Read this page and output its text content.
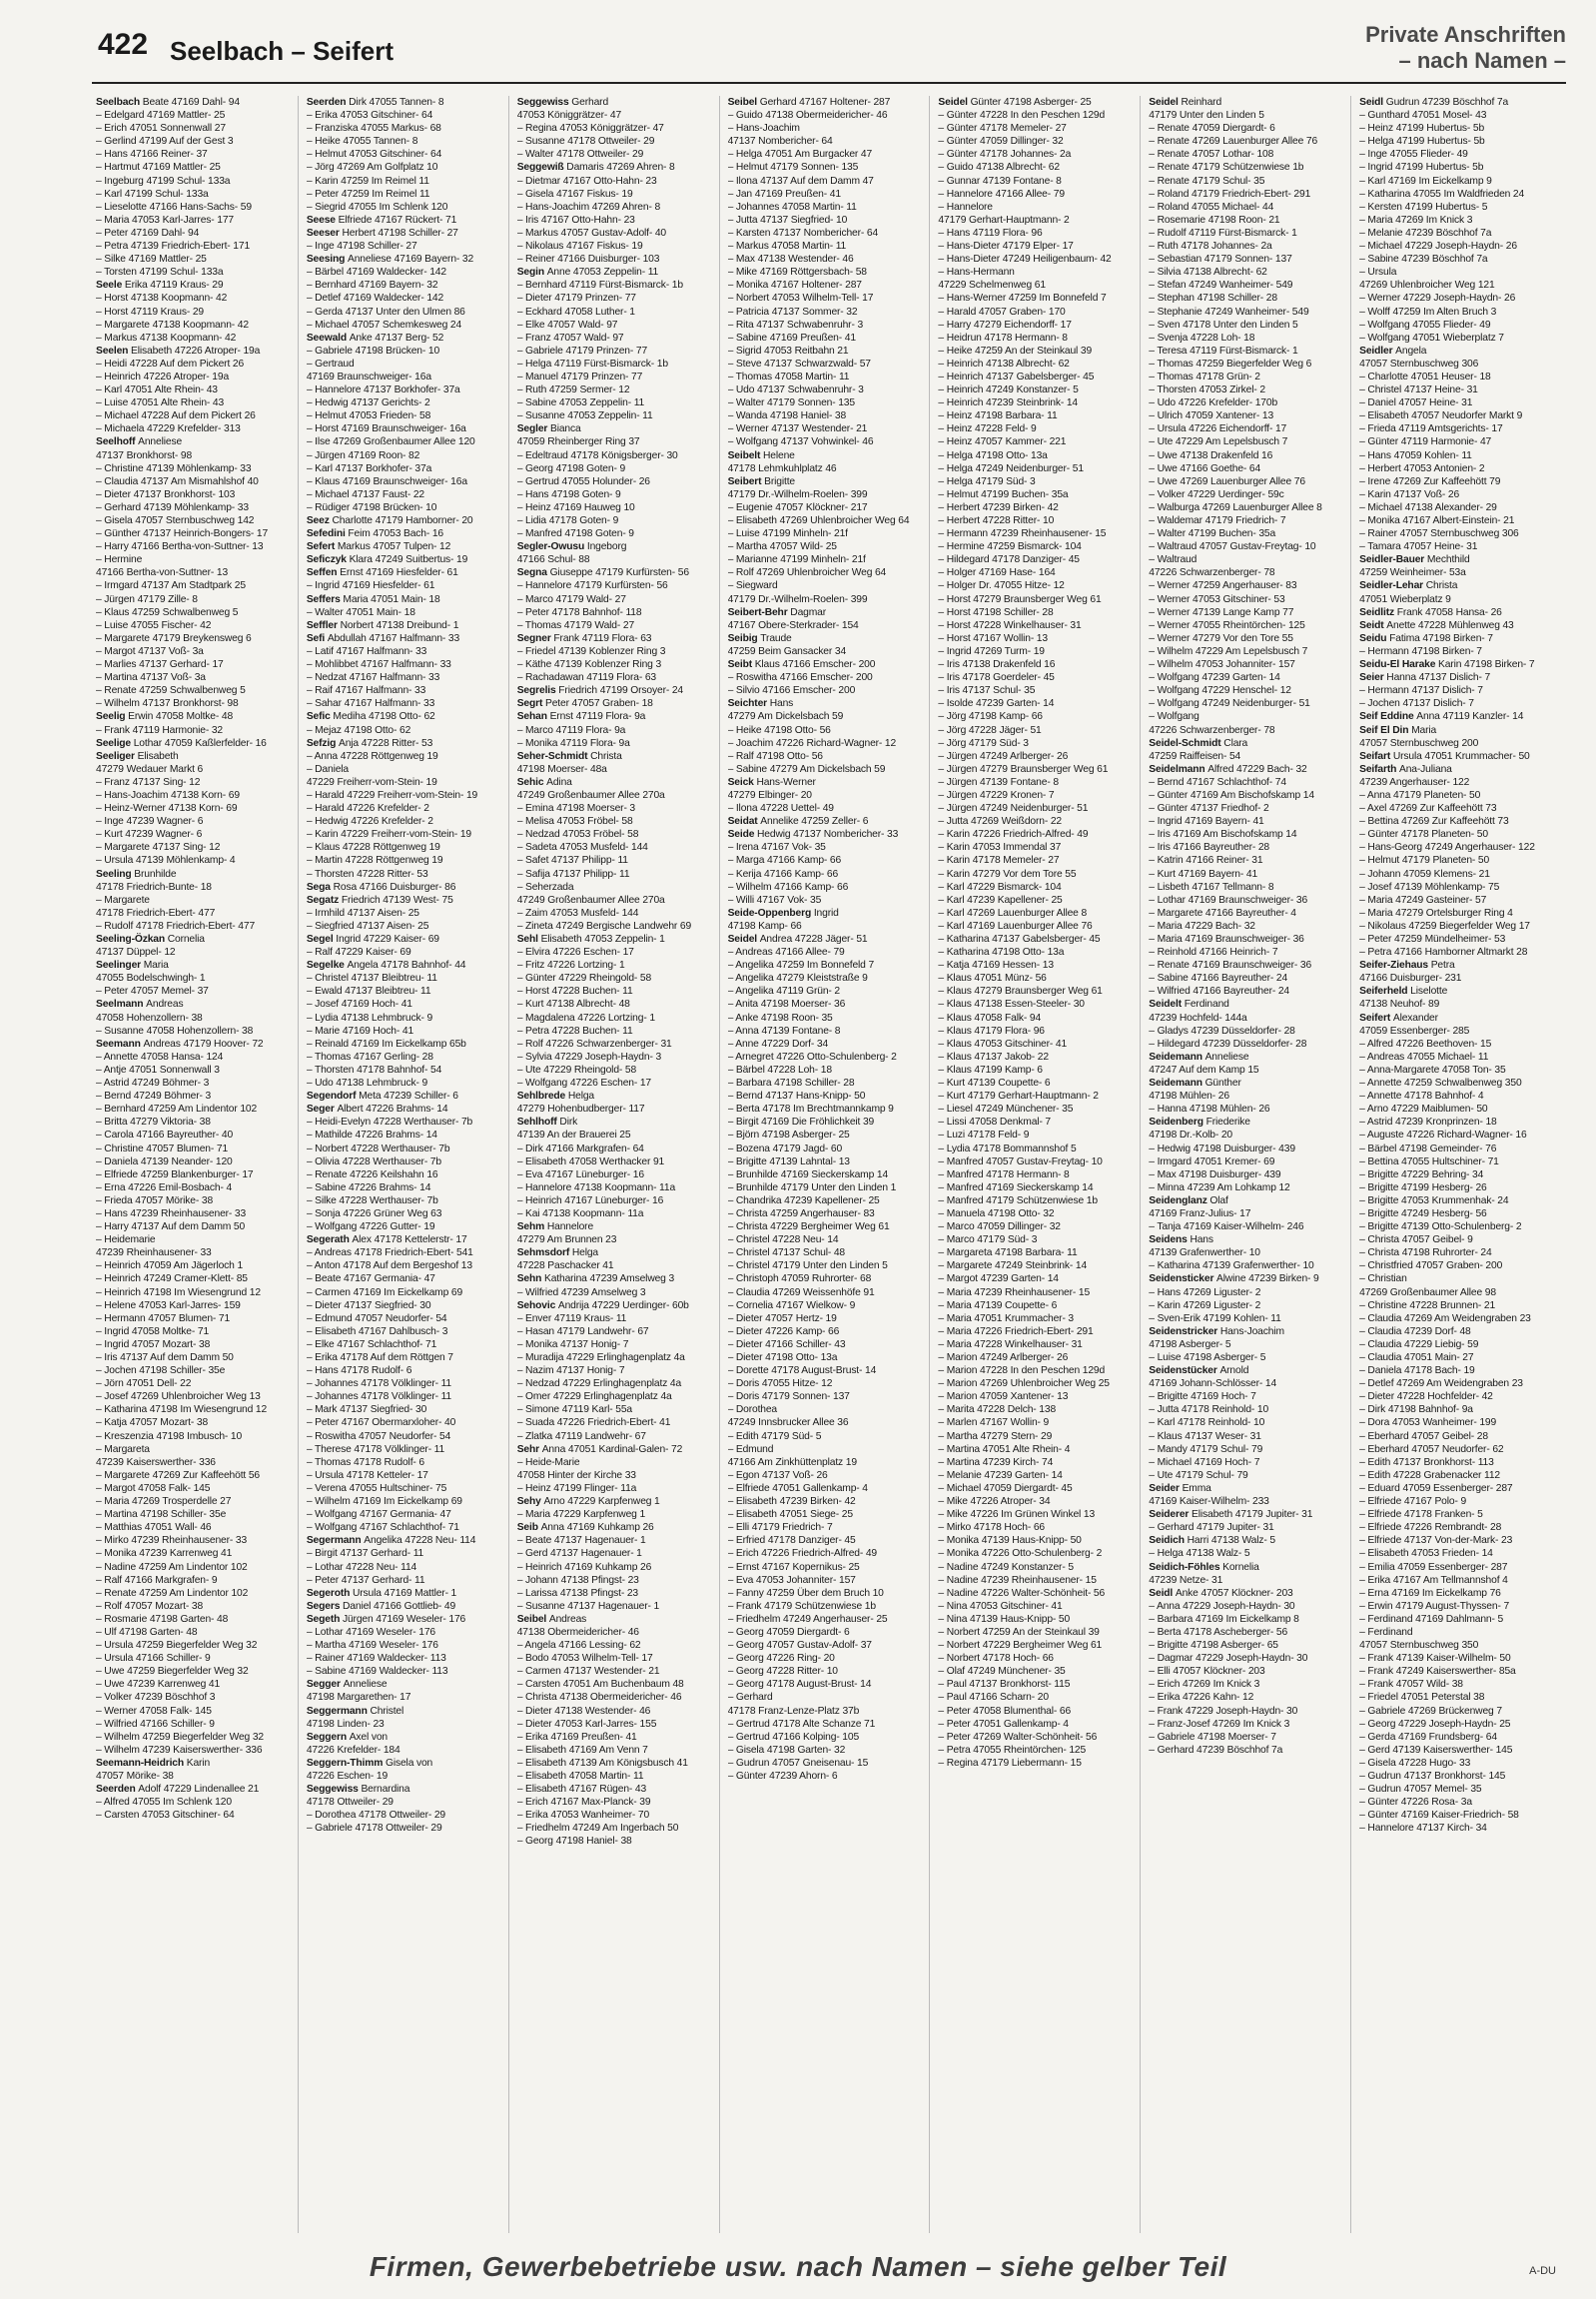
422 Seelbach – Seifert
Private Anschriften
– nach Namen –
Seelbach Beate 47169 Dahl- 94
– Edelgard 47169 Mattler- 25
– Erich 47051 Sonnenwall 27
– Gerlind 47199 Auf der Gest 3
– Hans 47166 Reiner- 37
– Hartmut 47169 Mattler- 25
– Ingeburg 47199 Schul- 133a
– Karl 47199 Schul- 133a
– Lieselotte 47166 Hans-Sachs- 59
– Maria 47053 Karl-Jarres- 177
– Peter 47169 Dahl- 94
– Petra 47139 Friedrich-Ebert- 171
– Silke 47169 Mattler- 25
– Torsten 47199 Schul- 133a
Seele Erika 47119 Kraus- 29
– Horst 47138 Koopmann- 42
– Horst 47119 Kraus- 29
– Margarete 47138 Koopmann- 42
– Markus 47138 Koopmann- 42
Seelen Elisabeth 47226 Atroper- 19a
– Heidi 47228 Auf dem Pickert 26
– Heinrich 47226 Atroper- 19a
– Karl 47051 Alte Rhein- 43
– Luise 47051 Alte Rhein- 43
– Michael 47228 Auf dem Pickert 26
– Michaela 47229 Krefelder- 313
Seelhoff Anneliese
47137 Bronkhorst- 98
– Christine 47139 Möhlenkamp- 33
– Claudia 47137 Am Mismahlshof 40
– Dieter 47137 Bronkhorst- 103
– Gerhard 47139 Möhlenkamp- 33
– Gisela 47057 Sternbuschweg 142
– Günther 47137 Heinrich-Bongers- 17
– Harry 47166 Bertha-von-Suttner- 13
– Hermine
47166 Bertha-von-Suttner- 13
– Irmgard 47137 Am Stadtpark 25
– Jürgen 47179 Zille- 8
– Klaus 47259 Schwalbenweg 5
– Luise 47055 Fischer- 42
– Margarete 47179 Breykensweg 6
– Margot 47137 Voß- 3a
– Marlies 47137 Gerhard- 17
– Martina 47137 Voß- 3a
– Renate 47259 Schwalbenweg 5
– Wilhelm 47137 Bronkhorst- 98
Seelig Erwin 47058 Moltke- 48
– Frank 47119 Harmonie- 32
Seelige Lothar 47059 Kaßlerfelder- 16
Seeliger Elisabeth
47279 Wedauer Markt 6
– Franz 47137 Sing- 12
– Hans-Joachim 47138 Korn- 69
– Heinz-Werner 47138 Korn- 69
– Inge 47239 Wagner- 6
– Kurt 47239 Wagner- 6
– Margarete 47137 Sing- 12
– Ursula 47139 Möhlenkamp- 4
Seeling Brunhilde
47178 Friedrich-Bunte- 18
– Margarete
47178 Friedrich-Ebert- 477
– Rudolf 47178 Friedrich-Ebert- 477
Seeling-Özkan Cornelia
47137 Düppel- 12
Seelinger Maria
47055 Bodelschwingh- 1
– Peter 47057 Memel- 37
Seelmann Andreas
47058 Hohenzollern- 38
– Susanne 47058 Hohenzollern- 38
Seemann Andreas 47179 Hoover- 72
– Annette 47058 Hansa- 124
– Antje 47051 Sonnenwall 3
– Astrid 47249 Böhmer- 3
– Bernd 47249 Böhmer- 3
– Bernhard 47259 Am Lindentor 102
– Britta 47279 Viktoria- 38
– Carola 47166 Bayreuther- 40
– Christine 47057 Blumen- 71
– Daniela 47139 Neander- 120
– Elfriede 47259 Blankenburger- 17
– Erna 47226 Emil-Bosbach- 4
– Frieda 47057 Mörike- 38
– Hans 47239 Rheinhausener- 33
– Harry 47137 Auf dem Damm 50
– Heidemarie
47239 Rheinhausener- 33
– Heinrich 47059 Am Jägerloch 1
– Heinrich 47249 Cramer-Klett- 85
– Heinrich 47198 Im Wiesengrund 12
– Helene 47053 Karl-Jarres- 159
– Hermann 47057 Blumen- 71
– Ingrid 47058 Moltke- 71
– Ingrid 47057 Mozart- 38
– Iris 47137 Auf dem Damm 50
– Jochen 47198 Schiller- 35e
– Jörn 47051 Dell- 22
– Josef 47269 Uhlenbroicher Weg 13
– Katharina 47198 Im Wiesengrund 12
– Katja 47057 Mozart- 38
– Kreszenzia 47198 Imbusch- 10
– Margareta
47239 Kaiserswerther- 336
– Margarete 47269 Zur Kaffeehött 56
– Margot 47058 Falk- 145
– Maria 47269 Trosperdelle 27
– Martina 47198 Schiller- 35e
– Matthias 47051 Wall- 46
– Mirko 47239 Rheinhausener- 33
– Monika 47239 Karrenweg 41
– Nadine 47259 Am Lindentor 102
– Ralf 47166 Markgrafen- 9
– Renate 47259 Am Lindentor 102
– Rolf 47057 Mozart- 38
– Rosmarie 47198 Garten- 48
– Ulf 47198 Garten- 48
– Ursula 47259 Biegerfelder Weg 32
– Ursula 47166 Schiller- 9
– Uwe 47259 Biegerfelder Weg 32
– Uwe 47239 Karrenweg 41
– Volker 47239 Böschhof 3
– Werner 47058 Falk- 145
– Wilfried 47166 Schiller- 9
– Wilhelm 47259 Biegerfelder Weg 32
– Wilhelm 47239 Kaiserswerther- 336
Seemann-Heidrich Karin
47057 Mörike- 38
Seerden Adolf 47229 Lindenallee 21
– Alfred 47055 Im Schlenk 120
– Carsten 47053 Gitschiner- 64
Seerden Dirk 47055 Tannen- 8
– Erika 47053 Gitschiner- 64
– Franziska 47055 Markus- 68
– Heike 47055 Tannen- 8
– Helmut 47053 Gitschiner- 64
– Jörg 47269 Am Golfplatz 10
– Karin 47259 Im Reimel 11
– Peter 47259 Im Reimel 11
– Siegrid 47055 Im Schlenk 120
Seese Elfriede 47167 Rückert- 71
Seeser Herbert 47198 Schiller- 27
– Inge 47198 Schiller- 27
Seesing Anneliese 47169 Bayern- 32
– Bärbel 47169 Waldecker- 142
– Bernhard 47169 Bayern- 32
– Detlef 47169 Waldecker- 142
– Gerda 47137 Unter den Ulmen 86
– Michael 47057 Schemkesweg 24
Seewald Anke 47137 Berg- 52
– Gabriele 47198 Brücken- 10
– Gertraud
47169 Braunschweiger- 16a
– Hannelore 47137 Borkhofer- 37a
– Hedwig 47137 Gerichts- 2
– Helmut 47053 Frieden- 58
– Horst 47169 Braunschweiger- 16a
– Ilse 47269 Großenbaumer Allee 120
– Jürgen 47169 Roon- 82
– Karl 47137 Borkhofer- 37a
– Klaus 47169 Braunschweiger- 16a
– Michael 47137 Faust- 22
– Rüdiger 47198 Brücken- 10
Seez Charlotte 47179 Hamborner- 20
Sefedini Feim 47053 Bach- 16
Sefert Markus 47057 Tulpen- 12
Seficzyk Klara 47249 Suitbertus- 19
Seffen Ernst 47169 Hiesfelder- 61
– Ingrid 47169 Hiesfelder- 61
Seffers Maria 47051 Main- 18
– Walter 47051 Main- 18
Seffler Norbert 47138 Dreibund- 1
Sefi Abdullah 47167 Halfmann- 33
– Latif 47167 Halfmann- 33
– Mohlibbet 47167 Halfmann- 33
– Nedzat 47167 Halfmann- 33
– Raif 47167 Halfmann- 33
– Sahar 47167 Halfmann- 33
Sefic Mediha 47198 Otto- 62
– Mejaz 47198 Otto- 62
Sefzig Anja 47228 Ritter- 53
– Anna 47228 Röttgenweg 19
– Daniela
47229 Freiherr-vom-Stein- 19
– Harald 47229 Freiherr-vom-Stein- 19
– Harald 47226 Krefelder- 2
– Hedwig 47226 Krefelder- 2
– Karin 47229 Freiherr-vom-Stein- 19
– Klaus 47228 Röttgenweg 19
– Martin 47228 Röttgenweg 19
– Thorsten 47228 Ritter- 53
Sega Rosa 47166 Duisburger- 86
Segatz Friedrich 47139 West- 75
– Irmhild 47137 Aisen- 25
– Siegfried 47137 Aisen- 25
Segel Ingrid 47229 Kaiser- 69
– Ralf 47229 Kaiser- 69
Segelke Angela 47178 Bahnhof- 44
– Christel 47137 Bleibtreu- 11
– Ewald 47137 Bleibtreu- 11
– Josef 47169 Hoch- 41
– Lydia 47138 Lehmbruck- 9
– Marie 47169 Hoch- 41
– Reinald 47169 Im Eickelkamp 65b
– Thomas 47167 Gerling- 28
– Thorsten 47178 Bahnhof- 54
– Udo 47138 Lehmbruck- 9
Segendorf Meta 47239 Schiller- 6
Seger Albert 47226 Brahms- 14
– Heidi-Evelyn 47228 Werthauser- 7b
– Mathilde 47226 Brahms- 14
– Norbert 47228 Werthauser- 7b
– Olivia 47228 Werthauser- 7b
– Renate 47226 Keilshahn 16
– Sabine 47226 Brahms- 14
– Silke 47228 Werthauser- 7b
– Sonja 47226 Grüner Weg 63
– Wolfgang 47226 Gutter- 19
Segerath Alex 47178 Kettelerstr- 17
– Andreas 47178 Friedrich-Ebert- 541
– Anton 47178 Auf dem Bergeshof 13
– Beate 47167 Germania- 47
– Carmen 47169 Im Eickelkamp 69
– Dieter 47137 Siegfried- 30
– Edmund 47057 Neudorfer- 54
– Elisabeth 47167 Dahlbusch- 3
– Elke 47167 Schlachthof- 71
– Erika 47178 Auf dem Röttgen 7
– Hans 47178 Rudolf- 6
– Johannes 47178 Völklinger- 11
– Johannes 47178 Völklinger- 11
– Mark 47137 Siegfried- 30
– Peter 47167 Obermarxloher- 40
– Roswitha 47057 Neudorfer- 54
– Therese 47178 Völklinger- 11
– Thomas 47178 Rudolf- 6
– Ursula 47178 Ketteler- 17
– Verena 47055 Hultschiner- 75
– Wilhelm 47169 Im Eickelkamp 69
– Wolfgang 47167 Germania- 47
– Wolfgang 47167 Schlachthof- 71
Segermann Angelika 47228 Neu- 114
– Birgit 47137 Gerhard- 11
– Lothar 47228 Neu- 114
– Peter 47137 Gerhard- 11
Segeroth Ursula 47169 Mattler- 1
Segers Daniel 47166 Gottlieb- 49
Segeth Jürgen 47169 Weseler- 176
– Lothar 47169 Weseler- 176
– Martha 47169 Weseler- 176
– Rainer 47169 Waldecker- 113
– Sabine 47169 Waldecker- 113
Segger Anneliese
47198 Margarethen- 17
Seggermann Christel
47198 Linden- 23
Seggern Axel von
47226 Krefelder- 184
Seggern-Thimm Gisela von
47226 Eschen- 19
Seggewiss Bernardina
47178 Ottweiler- 29
– Dorothea 47178 Ottweiler- 29
– Gabriele 47178 Ottweiler- 29
Seggewiss Gerhard
47053 Königgrätzer- 47
– Regina 47053 Königgrätzer- 47
– Susanne 47178 Ottweiler- 29
– Walter 47178 Ottweiler- 29
Seggewiß Damaris 47269 Ahren- 8
– Dietmar 47167 Otto-Hahn- 23
– Gisela 47167 Fiskus- 19
– Hans-Joachim 47269 Ahren- 8
– Iris 47167 Otto-Hahn- 23
– Markus 47057 Gustav-Adolf- 40
– Nikolaus 47167 Fiskus- 19
– Reiner 47166 Duisburger- 103
Segin Anne 47053 Zeppelin- 11
– Bernhard 47119 Fürst-Bismarck- 1b
– Dieter 47179 Prinzen- 77
– Eckhard 47058 Luther- 1
– Elke 47057 Wald- 97
– Franz 47057 Wald- 97
– Gabriele 47179 Prinzen- 77
– Helga 47119 Fürst-Bismarck- 1b
– Manuel 47179 Prinzen- 77
– Ruth 47259 Sermer- 12
– Sabine 47053 Zeppelin- 11
– Susanne 47053 Zeppelin- 11
Segler Bianca
47059 Rheinberger Ring 37
– Edeltraud 47178 Königsberger- 30
– Georg 47198 Goten- 9
– Gertrud 47055 Holunder- 26
– Hans 47198 Goten- 9
– Heinz 47169 Hauweg 10
– Lidia 47178 Goten- 9
– Manfred 47198 Goten- 9
Segler-Owusu Ingeborg
47166 Schul- 88
Segna Giuseppe 47179 Kurfürsten- 56
– Hannelore 47179 Kurfürsten- 56
– Marco 47179 Wald- 27
– Peter 47178 Bahnhof- 118
– Thomas 47179 Wald- 27
Segner Frank 47119 Flora- 63
– Friedel 47139 Koblenzer Ring 3
– Käthe 47139 Koblenzer Ring 3
– Rachadawan 47119 Flora- 63
Segrelis Friedrich 47199 Orsoyer- 24
Segrt Peter 47057 Graben- 18
Sehan Ernst 47119 Flora- 9a
– Marco 47119 Flora- 9a
– Monika 47119 Flora- 9a
Seher-Schmidt Christa
47198 Moerser- 48a
Sehic Adina
47249 Großenbaumer Allee 270a
– Emina 47198 Moerser- 3
– Melisa 47053 Fröbel- 58
– Nedzad 47053 Fröbel- 58
– Sadeta 47053 Musfeld- 144
– Safet 47137 Philipp- 11
– Safija 47137 Philipp- 11
– Seherzada
47249 Großenbaumer Allee 270a
– Zaim 47053 Musfeld- 144
– Zineta 47249 Bergische Landwehr 69
Sehl Elisabeth 47053 Zeppelin- 1
– Elvira 47226 Eschen- 17
– Fritz 47226 Lortzing- 1
– Günter 47229 Rheingold- 58
– Horst 47228 Buchen- 11
– Kurt 47138 Albrecht- 48
– Magdalena 47226 Lortzing- 1
– Petra 47228 Buchen- 11
– Rolf 47226 Schwarzenberger- 31
– Sylvia 47229 Joseph-Haydn- 3
– Ute 47229 Rheingold- 58
– Wolfgang 47226 Eschen- 17
Sehlbrede Helga
47279 Hohenbudberger- 117
Sehlhoff Dirk
47139 An der Brauerei 25
– Dirk 47166 Markgrafen- 64
– Elisabeth 47058 Werthacker 91
– Eva 47167 Lüneburger- 16
– Hannelore 47138 Koopmann- 11a
– Heinrich 47167 Lüneburger- 16
– Kai 47138 Koopmann- 11a
Sehm Hannelore
47279 Am Brunnen 23
Sehmsdorf Helga
47228 Paschacker 41
Sehn Katharina 47239 Amselweg 3
– Wilfried 47239 Amselweg 3
Sehovic Andrija 47229 Uerdinger- 60b
– Enver 47119 Kraus- 11
– Hasan 47179 Landwehr- 67
– Monika 47137 Honig- 7
– Muradija 47229 Erlinghagenplatz 4a
– Nazim 47137 Honig- 7
– Nedzad 47229 Erlinghagenplatz 4a
– Omer 47229 Erlinghagenplatz 4a
– Simone 47119 Karl- 55a
– Suada 47226 Friedrich-Ebert- 41
– Zlatka 47119 Landwehr- 67
Sehr Anna 47051 Kardinal-Galen- 72
– Heide-Marie
47058 Hinter der Kirche 33
– Heinz 47199 Flinger- 11a
Sehy Arno 47229 Karpfenweg 1
– Maria 47229 Karpfenweg 1
Seib Anna 47169 Kuhkamp 26
– Beate 47137 Hagenauer- 1
– Gerd 47137 Hagenauer- 1
– Heinrich 47169 Kuhkamp 26
– Johann 47138 Pfingst- 23
– Larissa 47138 Pfingst- 23
– Susanne 47137 Hagenauer- 1
Seibel Andreas
47138 Obermeidericher- 46
– Angela 47166 Lessing- 62
– Bodo 47053 Wilhelm-Tell- 17
– Carmen 47137 Westender- 21
– Carsten 47051 Am Buchenbaum 48
– Christa 47138 Obermeidericher- 46
– Dieter 47138 Westender- 46
– Dieter 47053 Karl-Jarres- 155
– Erika 47169 Preußen- 41
– Elisabeth 47169 Am Venn 7
– Elisabeth 47139 Am Königsbusch 41
– Elisabeth 47058 Martin- 11
– Elisabeth 47167 Rügen- 43
– Erich 47167 Max-Planck- 39
– Erika 47053 Wanheimer- 70
– Friedhelm 47249 Am Ingerbach 50
– Georg 47198 Haniel- 38
Seibel Gerhard 47167 Holtener- 287
– Guido 47138 Obermeidericher- 46
– Hans-Joachim
47137 Nombericher- 64
– Helga 47051 Am Burgacker 47
– Helmut 47179 Sonnen- 135
– Ilona 47137 Auf dem Damm 47
– Jan 47169 Preußen- 41
– Johannes 47058 Martin- 11
– Jutta 47137 Siegfried- 10
– Karsten 47137 Nombericher- 64
– Markus 47058 Martin- 11
– Max 47138 Westender- 46
– Mike 47169 Röttgersbach- 58
– Monika 47167 Holtener- 287
– Norbert 47053 Wilhelm-Tell- 17
– Patricia 47137 Sommer- 32
– Rita 47137 Schwabenruhr- 3
– Sabine 47169 Preußen- 41
– Sigrid 47053 Reitbahn 21
– Steve 47137 Schwarzwald- 57
– Thomas 47058 Martin- 11
– Udo 47137 Schwabenruhr- 3
– Walter 47179 Sonnen- 135
– Wanda 47198 Haniel- 38
– Werner 47137 Westender- 21
– Wolfgang 47137 Vohwinkel- 46
Seibelt Helene
47178 Lehmkuhlplatz 46
Seibert Brigitte
47179 Dr.-Wilhelm-Roelen- 399
– Eugenie 47057 Klöckner- 217
– Elisabeth 47269 Uhlenbroicher Weg 64
– Luise 47199 Minheln- 21f
– Martha 47057 Wild- 25
– Marianne 47199 Minheln- 21f
– Rolf 47269 Uhlenbroicher Weg 64
– Siegward
47179 Dr.-Wilhelm-Roelen- 399
Seibert-Behr Dagmar
47167 Obere-Sterkrader- 154
Seibig Traude
47259 Beim Gansacker 34
Seibt Klaus 47166 Emscher- 200
– Roswitha 47166 Emscher- 200
– Silvio 47166 Emscher- 200
Seichter Hans
47279 Am Dickelsbach 59
– Heike 47198 Otto- 56
– Joachim 47226 Richard-Wagner- 12
– Ralf 47198 Otto- 56
– Sabine 47279 Am Dickelsbach 59
Seick Hans-Werner
47279 Elbinger- 20
– Ilona 47228 Uettel- 49
Seidat Annelike 47259 Zeller- 6
Seide Hedwig 47137 Nombericher- 33
– Irena 47167 Vok- 35
– Marga 47166 Kamp- 66
– Kerija 47166 Kamp- 66
– Wilhelm 47166 Kamp- 66
– Willi 47167 Vok- 35
Seide-Oppenberg Ingrid
47198 Kamp- 66
Seidel Andrea 47228 Jäger- 51
– Andreas 47166 Allee- 79
– Angelika 47259 Im Bonnefeld 7
– Angelika 47279 Kleiststraße 9
– Angelika 47119 Grün- 2
– Anita 47198 Moerser- 36
– Anke 47198 Roon- 35
– Anna 47139 Fontane- 8
– Anne 47229 Dorf- 34
– Arnegret 47226 Otto-Schulenberg- 2
– Bärbel 47228 Loh- 18
– Barbara 47198 Schiller- 28
– Bernd 47137 Hans-Knipp- 50
– Berta 47178 Im Brechtmannkamp 9
– Birgit 47169 Die Fröhlichkeit 39
– Björn 47198 Asberger- 25
– Bozena 47179 Jagd- 60
– Brigitte 47139 Lahntal- 13
– Brunhilde 47169 Sieckerskamp 14
– Brunhilde 47179 Unter den Linden 1
– Chandrika 47239 Kapellener- 25
– Christa 47259 Angerhauser- 83
– Christa 47229 Bergheimer Weg 61
– Christel 47228 Neu- 14
– Christel 47137 Schul- 48
– Christel 47179 Unter den Linden 5
– Christoph 47059 Ruhrorter- 68
– Claudia 47269 Weissenhöfe 91
– Cornelia 47167 Wielkow- 9
– Dieter 47057 Hertz- 19
– Dieter 47226 Kamp- 66
– Dieter 47166 Schiller- 43
– Dieter 47198 Otto- 13a
– Dorette 47178 August-Brust- 14
– Doris 47055 Hitze- 12
– Doris 47179 Sonnen- 137
– Dorothea
47249 Innsbrucker Allee 36
– Edith 47179 Süd- 5
– Edmund
47166 Am Zinkhüttenplatz 19
– Egon 47137 Voß- 26
– Elfriede 47051 Gallenkamp- 4
– Elisabeth 47239 Birken- 42
– Elisabeth 47051 Siege- 25
– Elli 47179 Friedrich- 7
– Erfried 47178 Danziger- 45
– Erich 47226 Friedrich-Alfred- 49
– Ernst 47167 Kopernikus- 25
– Eva 47053 Johanniter- 157
– Fanny 47259 Über dem Bruch 10
– Frank 47179 Schützenwiese 1b
– Friedhelm 47249 Angerhauser- 25
– Georg 47059 Diergardt- 6
– Georg 47057 Gustav-Adolf- 37
– Georg 47226 Ring- 20
– Georg 47228 Ritter- 10
– Georg 47178 August-Brust- 14
– Gerhard
47178 Franz-Lenze-Platz 37b
– Gertrud 47178 Alte Schanze 71
– Gertrud 47166 Kolping- 105
– Gisela 47198 Garten- 32
– Gudrun 47057 Gneisenau- 15
– Günter 47239 Ahorn- 6
Seidel Günter 47198 Asberger- 25
– Günter 47228 In den Peschen 129d
– Günter 47178 Memeler- 27
– Günter 47059 Dillinger- 32
– Günter 47178 Johannes- 2a
– Guido 47138 Albrecht- 62
– Gunnar 47139 Fontane- 8
– Hannelore 47166 Allee- 79
– Hannelore
47179 Gerhart-Hauptmann- 2
– Hans 47119 Flora- 96
– Hans-Dieter 47179 Elper- 17
– Hans-Dieter 47249 Heiligenbaum- 42
– Hans-Hermann
47229 Schelmenweg 61
– Hans-Werner 47259 Im Bonnefeld 7
– Harald 47057 Graben- 170
– Harry 47279 Eichendorff- 17
– Heidrun 47178 Hermann- 8
– Heike 47259 An der Steinkaul 39
– Heinrich 47138 Albrecht- 62
– Heinrich 47137 Gabelsberger- 45
– Heinrich 47249 Konstanzer- 5
– Heinrich 47239 Steinbrink- 14
– Heinz 47198 Barbara- 11
– Heinz 47228 Feld- 9
– Heinz 47057 Kammer- 221
– Helga 47198 Otto- 13a
– Helga 47249 Neidenburger- 51
– Helga 47179 Süd- 3
– Helmut 47199 Buchen- 35a
– Herbert 47239 Birken- 42
– Herbert 47228 Ritter- 10
– Hermann 47239 Rheinhausener- 15
– Hermine 47259 Bismarck- 104
– Hildegard 47178 Danziger- 45
– Holger 47169 Hase- 164
– Holger Dr. 47055 Hitze- 12
– Horst 47279 Braunsberger Weg 61
– Horst 47198 Schiller- 28
– Horst 47228 Winkelhauser- 31
– Horst 47167 Wollin- 13
– Ingrid 47269 Turm- 19
– Iris 47138 Drakenfeld 16
– Iris 47178 Goerdeler- 45
– Iris 47137 Schul- 35
– Isolde 47239 Garten- 14
– Jörg 47198 Kamp- 66
– Jörg 47228 Jäger- 51
– Jörg 47179 Süd- 3
– Jürgen 47249 Arlberger- 26
– Jürgen 47279 Braunsberger Weg 61
– Jürgen 47139 Fontane- 8
– Jürgen 47229 Kronen- 7
– Jürgen 47249 Neidenburger- 51
– Jutta 47269 Weißdorn- 22
– Karin 47226 Friedrich-Alfred- 49
– Karin 47053 Immendal 37
– Karin 47178 Memeler- 27
– Karin 47279 Vor dem Tore 55
– Karl 47229 Bismarck- 104
– Karl 47239 Kapellener- 25
– Karl 47269 Lauenburger Allee 8
– Karl 47169 Lauenburger Allee 76
– Katharina 47137 Gabelsberger- 45
– Katharina 47198 Otto- 13a
– Katja 47169 Hessen- 13
– Klaus 47051 Münz- 56
– Klaus 47279 Braunsberger Weg 61
– Klaus 47138 Essen-Steeler- 30
– Klaus 47058 Falk- 94
– Klaus 47179 Flora- 96
– Klaus 47053 Gitschiner- 41
– Klaus 47137 Jakob- 22
– Klaus 47199 Kamp- 6
– Kurt 47139 Coupette- 6
– Kurt 47179 Gerhart-Hauptmann- 2
– Liesel 47249 Münchener- 35
– Lissi 47058 Denkmal- 7
– Luzi 47178 Feld- 9
– Lydia 47178 Bommannshof 5
– Manfred 47057 Gustav-Freytag- 10
– Manfred 47178 Hermann- 8
– Manfred 47169 Sieckerskamp 14
– Manfred 47179 Schützenwiese 1b
– Manuela 47198 Otto- 32
– Marco 47059 Dillinger- 32
– Marco 47179 Süd- 3
– Margareta 47198 Barbara- 11
– Margarete 47249 Steinbrink- 14
– Margot 47239 Garten- 14
– Maria 47239 Rheinhausener- 15
– Maria 47139 Coupette- 6
– Maria 47051 Krummacher- 3
– Maria 47226 Friedrich-Ebert- 291
– Maria 47228 Winkelhauser- 31
– Marion 47249 Arlberger- 26
– Marion 47228 In den Peschen 129d
– Marion 47269 Uhlenbroicher Weg 25
– Marion 47059 Xantener- 13
– Marita 47228 Delch- 138
– Marlen 47167 Wollin- 9
– Martha 47279 Stern- 29
– Martina 47051 Alte Rhein- 4
– Martina 47239 Kirch- 74
– Melanie 47239 Garten- 14
– Michael 47059 Diergardt- 45
– Mike 47226 Atroper- 34
– Mike 47226 Im Grünen Winkel 13
– Mirko 47178 Hoch- 66
– Monika 47139 Haus-Knipp- 50
– Monika 47226 Otto-Schulenberg- 2
– Nadine 47249 Konstanzer- 5
– Nadine 47239 Rheinhausener- 15
– Nadine 47226 Walter-Schönheit- 56
– Nina 47053 Gitschiner- 41
– Nina 47139 Haus-Knipp- 50
– Norbert 47259 An der Steinkaul 39
– Norbert 47229 Bergheimer Weg 61
– Norbert 47178 Hoch- 66
– Olaf 47249 Münchener- 35
– Paul 47137 Bronkhorst- 115
– Paul 47166 Scharn- 20
– Peter 47058 Blumenthal- 66
– Peter 47051 Gallenkamp- 4
– Peter 47269 Walter-Schönheit- 56
– Petra 47055 Rheintörchen- 125
– Regina 47179 Liebermann- 15
Seidel Reinhard
47179 Unter den Linden 5
– Renate 47059 Diergardt- 6
– Renate 47269 Lauenburger Allee 76
– Renate 47057 Lothar- 108
– Renate 47179 Schützenwiese 1b
– Renate 47179 Schul- 35
– Roland 47179 Friedrich-Ebert- 291
– Roland 47055 Michael- 44
– Rosemarie 47198 Roon- 21
– Rudolf 47119 Fürst-Bismarck- 1
– Ruth 47178 Johannes- 2a
– Sebastian 47179 Sonnen- 137
– Silvia 47138 Albrecht- 62
– Stefan 47249 Wanheimer- 549
– Stephan 47198 Schiller- 28
– Stephanie 47249 Wanheimer- 549
– Sven 47178 Unter den Linden 5
– Svenja 47228 Loh- 18
– Teresa 47119 Fürst-Bismarck- 1
– Thomas 47259 Biegerfelder Weg 6
– Thomas 47178 Grün- 2
– Thorsten 47053 Zirkel- 2
– Udo 47226 Krefelder- 170b
– Ulrich 47059 Xantener- 13
– Ursula 47226 Eichendorff- 17
– Ute 47229 Am Lepelsbusch 7
– Uwe 47138 Drakenfeld 16
– Uwe 47166 Goethe- 64
– Uwe 47269 Lauenburger Allee 76
– Volker 47229 Uerdinger- 59c
– Walburga 47269 Lauenburger Allee 8
– Waldemar 47179 Friedrich- 7
– Walter 47199 Buchen- 35a
– Waltraud 47057 Gustav-Freytag- 10
– Waltraud
47226 Schwarzenberger- 78
– Werner 47259 Angerhauser- 83
– Werner 47053 Gitschiner- 53
– Werner 47139 Lange Kamp 77
– Werner 47055 Rheintörchen- 125
– Werner 47279 Vor den Tore 55
– Wilhelm 47229 Am Lepelsbusch 7
– Wilhelm 47053 Johanniter- 157
– Wolfgang 47239 Garten- 14
– Wolfgang 47229 Henschel- 12
– Wolfgang 47249 Neidenburger- 51
– Wolfgang
47226 Schwarzenberger- 78
Seidel-Schmidt Clara
47259 Raiffeisen- 54
Seidelmann Alfred 47229 Bach- 32
– Bernd 47167 Schlachthof- 74
– Günter 47169 Am Bischofskamp 14
– Günter 47137 Friedhof- 2
– Ingrid 47169 Bayern- 41
– Iris 47169 Am Bischofskamp 14
– Iris 47166 Bayreuther- 28
– Katrin 47166 Reiner- 31
– Kurt 47169 Bayern- 41
– Lisbeth 47167 Tellmann- 8
– Lothar 47169 Braunschweiger- 36
– Margarete 47166 Bayreuther- 4
– Maria 47229 Bach- 32
– Maria 47169 Braunschweiger- 36
– Reinhold 47166 Heinrich- 7
– Renate 47169 Braunschweiger- 36
– Sabine 47166 Bayreuther- 24
– Wilfried 47166 Bayreuther- 24
Seidelt Ferdinand
47239 Hochfeld- 144a
– Gladys 47239 Düsseldorfer- 28
– Hildegard 47239 Düsseldorfer- 28
Seidemann Anneliese
47247 Auf dem Kamp 15
Seidemann Günther
47198 Mühlen- 26
– Hanna 47198 Mühlen- 26
Seidenberg Friederike
47198 Dr.-Kolb- 20
– Hedwig 47198 Duisburger- 439
– Irmgard 47051 Kremer- 69
– Max 47198 Duisburger- 439
– Minna 47239 Am Lohkamp 12
Seidenglanz Olaf
47169 Franz-Julius- 17
– Tanja 47169 Kaiser-Wilhelm- 246
Seidens Hans
47139 Grafenwerther- 10
– Katharina 47139 Grafenwerther- 10
Seidensticker Alwine 47239 Birken- 9
– Hans 47269 Liguster- 2
– Karin 47269 Liguster- 2
– Sven-Erik 47199 Kohlen- 11
Seidenstricker Hans-Joachim
47198 Asberger- 5
– Luise 47198 Asberger- 5
Seidenstücker Arnold
47169 Johann-Schlösser- 14
– Brigitte 47169 Hoch- 7
– Jutta 47178 Reinhold- 10
– Karl 47178 Reinhold- 10
– Klaus 47137 Weser- 31
– Mandy 47179 Schul- 79
– Michael 47169 Hoch- 7
– Ute 47179 Schul- 79
Seider Emma
47169 Kaiser-Wilhelm- 233
Seiderer Elisabeth 47179 Jupiter- 31
– Gerhard 47179 Jupiter- 31
Seidich Harri 47138 Walz- 5
– Helga 47138 Walz- 5
Seidich-Föhles Kornelia
47239 Netze- 31
Seidl Anke 47057 Klöckner- 203
– Anna 47229 Joseph-Haydn- 30
– Barbara 47169 Im Eickelkamp 8
– Berta 47178 Ascheberger- 56
– Brigitte 47198 Asberger- 65
– Dagmar 47229 Joseph-Haydn- 30
– Elli 47057 Klöckner- 203
– Erich 47269 Im Knick 3
– Erika 47226 Kahn- 12
– Frank 47229 Joseph-Haydn- 30
– Franz-Josef 47269 Im Knick 3
– Gabriele 47198 Moerser- 7
– Gerhard 47239 Böschhof 7a
Seidl Gudrun 47239 Böschhof 7a
– Gunthard 47051 Mosel- 43
– Heinz 47199 Hubertus- 5b
– Helga 47199 Hubertus- 5b
– Inge 47055 Flieder- 49
– Ingrid 47199 Hubertus- 5b
– Karl 47169 Im Eickelkamp 9
– Katharina 47055 Im Waldfrieden 24
– Kersten 47199 Hubertus- 5
– Maria 47269 Im Knick 3
– Melanie 47239 Böschhof 7a
– Michael 47229 Joseph-Haydn- 26
– Sabine 47239 Böschhof 7a
– Ursula
47269 Uhlenbroicher Weg 121
– Werner 47229 Joseph-Haydn- 26
– Wolff 47259 Im Alten Bruch 3
– Wolfgang 47055 Flieder- 49
– Wolfgang 47051 Wieberplatz 7
Seidler Angela
47057 Sternbuschweg 306
– Charlotte 47051 Heuser- 18
– Christel 47137 Heine- 31
– Daniel 47057 Heine- 31
– Elisabeth 47057 Neudorfer Markt 9
– Frieda 47119 Amtsgerichts- 17
– Günter 47119 Harmonie- 47
– Hans 47059 Kohlen- 11
– Herbert 47053 Antonien- 2
– Irene 47269 Zur Kaffeehött 79
– Karin 47137 Voß- 26
– Michael 47138 Alexander- 29
– Monika 47167 Albert-Einstein- 21
– Rainer 47057 Sternbuschweg 306
– Tamara 47057 Heine- 31
Seidler-Bauer Mechthild
47259 Weinheimer- 53a
Seidler-Lehar Christa
47051 Wieberplatz 9
Seidlitz Frank 47058 Hansa- 26
Seidt Anette 47228 Mühlenweg 43
Seidu Fatima 47198 Birken- 7
– Hermann 47198 Birken- 7
Seidu-El Harake Karin 47198 Birken- 7
Seier Hanna 47137 Dislich- 7
– Hermann 47137 Dislich- 7
– Jochen 47137 Dislich- 7
Seif Eddine Anna 47119 Kanzler- 14
Seif El Din Maria
47057 Sternbuschweg 200
Seifart Ursula 47051 Krummacher- 50
Seifarth Ana-Juliana
47239 Angerhauser- 122
– Anna 47179 Planeten- 50
– Axel 47269 Zur Kaffeehött 73
– Bettina 47269 Zur Kaffeehött 73
– Günter 47178 Planeten- 50
– Hans-Georg 47249 Angerhauser- 122
– Helmut 47179 Planeten- 50
– Johann 47059 Klemens- 21
– Josef 47139 Möhlenkamp- 75
– Maria 47249 Gasteiner- 57
– Maria 47279 Ortelsburger Ring 4
– Nikolaus 47259 Biegerfelder Weg 17
– Peter 47259 Mündelheimer- 53
– Petra 47166 Hamborner Altmarkt 28
Seifer-Ziehaus Petra
47166 Duisburger- 231
Seiferheld Liselotte
47138 Neuhof- 89
Seifert Alexander
47059 Essenberger- 285
– Alfred 47226 Beethoven- 15
– Andreas 47055 Michael- 11
– Anna-Margarete 47058 Ton- 35
– Annette 47259 Schwalbenweg 350
– Annette 47178 Bahnhof- 4
– Arno 47229 Maiblumen- 50
– Astrid 47239 Kronprinzen- 18
– Auguste 47226 Richard-Wagner- 16
– Bärbel 47198 Gemeinder- 76
– Bettina 47055 Hultschiner- 71
– Brigitte 47229 Behring- 34
– Brigitte 47199 Hesberg- 26
– Brigitte 47053 Krummenhak- 24
– Brigitte 47249 Hesberg- 56
– Brigitte 47139 Otto-Schulenberg- 2
– Christa 47057 Geibel- 9
– Christa 47198 Ruhrorter- 24
– Christfried 47057 Graben- 200
– Christian
47269 Großenbaumer Allee 98
– Christine 47228 Brunnen- 21
– Claudia 47269 Am Weidengraben 23
– Claudia 47239 Dorf- 48
– Claudia 47229 Liebig- 59
– Claudia 47051 Main- 27
– Daniela 47178 Bach- 19
– Detlef 47269 Am Weidengraben 23
– Dieter 47228 Hochfelder- 42
– Dirk 47198 Bahnhof- 9a
– Dora 47053 Wanheimer- 199
– Eberhard 47057 Geibel- 28
– Eberhard 47057 Neudorfer- 62
– Edith 47137 Bronkhorst- 113
– Edith 47228 Grabenacker 112
– Eduard 47059 Essenberger- 287
– Elfriede 47167 Polo- 9
– Elfriede 47178 Franken- 5
– Elfriede 47226 Rembrandt- 28
– Elfriede 47137 Von-der-Mark- 23
– Elisabeth 47053 Frieden- 14
– Emilia 47059 Essenberger- 287
– Erika 47167 Am Tellmannshof 4
– Erna 47169 Im Eickelkamp 76
– Erwin 47179 August-Thyssen- 7
– Ferdinand 47169 Dahlmann- 5
– Ferdinand
47057 Sternbuschweg 350
– Frank 47139 Kaiser-Wilhelm- 50
– Frank 47249 Kaiserswerther- 85a
– Frank 47057 Wild- 38
– Friedel 47051 Peterstal 38
– Gabriele 47269 Brückenweg 7
– Georg 47229 Joseph-Haydn- 25
– Gerda 47169 Frundsberg- 64
– Gerd 47139 Kaiserswerther- 145
– Gisela 47228 Hugo- 33
– Gudrun 47137 Bronkhorst- 145
– Gudrun 47057 Memel- 35
– Günter 47226 Rosa- 3a
– Günter 47169 Kaiser-Friedrich- 58
– Hannelore 47137 Kirch- 34
Firmen, Gewerbebetriebe usw. nach Namen – siehe gelber Teil	A-DU
